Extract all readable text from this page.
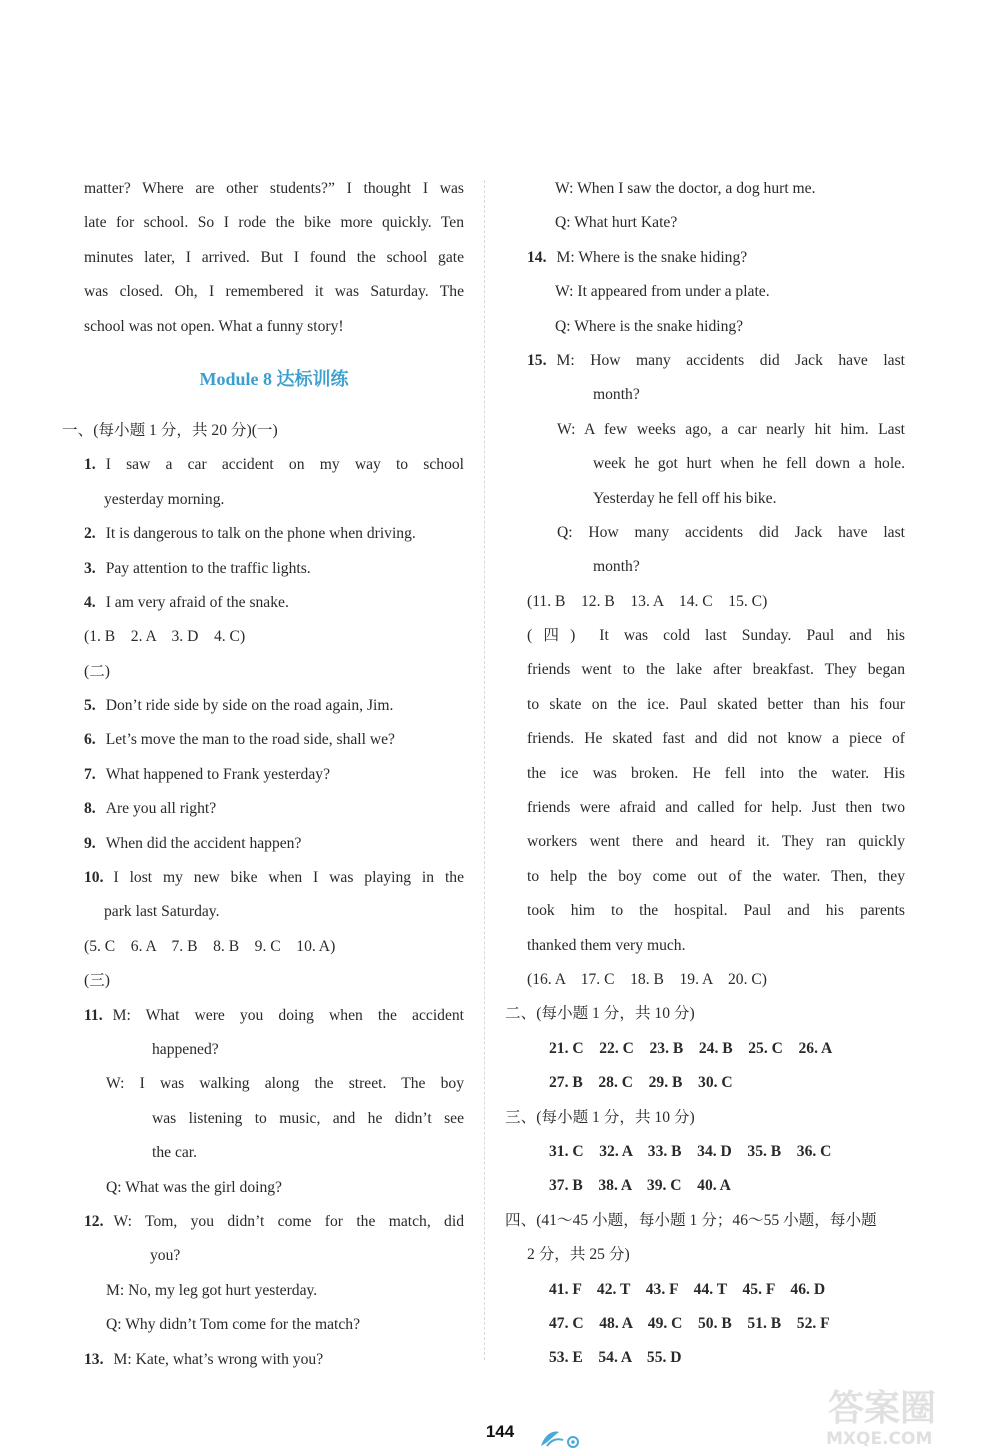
matter? Where are other students?” I thought I was
late for school. So I rode the bike more quickly. Ten
minutes later, I arrived. But I found the school gate
was closed. Oh, I remembered it was Saturday. The
school was not open. What a funny story!
Module 8 达标训练
一、(每小题 1 分，共 20 分)(一)
1. I saw a car accident on my way to school
yesterday morning.
2. It is dangerous to talk on the phone when driving.
3. Pay attention to the traffic lights.
4. I am very afraid of the snake.
(1. B　2. A　3. D　4. C)
(二)
5. Don’t ride side by side on the road again, Jim.
6. Let’s move the man to the road side, shall we?
7. What happened to Frank yesterday?
8. Are you all right?
9. When did the accident happen?
10. I lost my new bike when I was playing in the
park last Saturday.
(5. C　6. A　7. B　8. B　9. C　10. A)
(三)
11. M: What were you doing when the accident
happened?
W: I was walking along the street. The boy
was listening to music, and he didn’t see
the car.
Q: What was the girl doing?
12. W: Tom, you didn’t come for the match, did
you?
M: No, my leg got hurt yesterday.
Q: Why didn’t Tom come for the match?
13. M: Kate, what’s wrong with you?
W: When I saw the doctor, a dog hurt me.
Q: What hurt Kate?
14. M: Where is the snake hiding?
W: It appeared from under a plate.
Q: Where is the snake hiding?
15. M: How many accidents did Jack have last
month?
W: A few weeks ago, a car nearly hit him. Last
week he got hurt when he fell down a hole.
Yesterday he fell off his bike.
Q: How many accidents did Jack have last
month?
(11. B　12. B　13. A　14. C　15. C)
(四) It was cold last Sunday. Paul and his
friends went to the lake after breakfast. They began
to skate on the ice. Paul skated better than his four
friends. He skated fast and did not know a piece of
the ice was broken. He fell into the water. His
friends were afraid and called for help. Just then two
workers went there and heard it. They ran quickly
to help the boy come out of the water. Then, they
took him to the hospital. Paul and his parents
thanked them very much.
(16. A　17. C　18. B　19. A　20. C)
二、(每小题 1 分，共 10 分)
21. C　22. C　23. B　24. B　25. C　26. A
27. B　28. C　29. B　30. C
三、(每小题 1 分，共 10 分)
31. C　32. A　33. B　34. D　35. B　36. C
37. B　38. A　39. C　40. A
四、(41～45 小题，每小题 1 分；46～55 小题，每小题
2 分，共 25 分)
41. F　42. T　43. F　44. T　45. F　46. D
47. C　48. A　49. C　50. B　51. B　52. F
53. E　54. A　55. D
144
答案圈
MXQE.COM
